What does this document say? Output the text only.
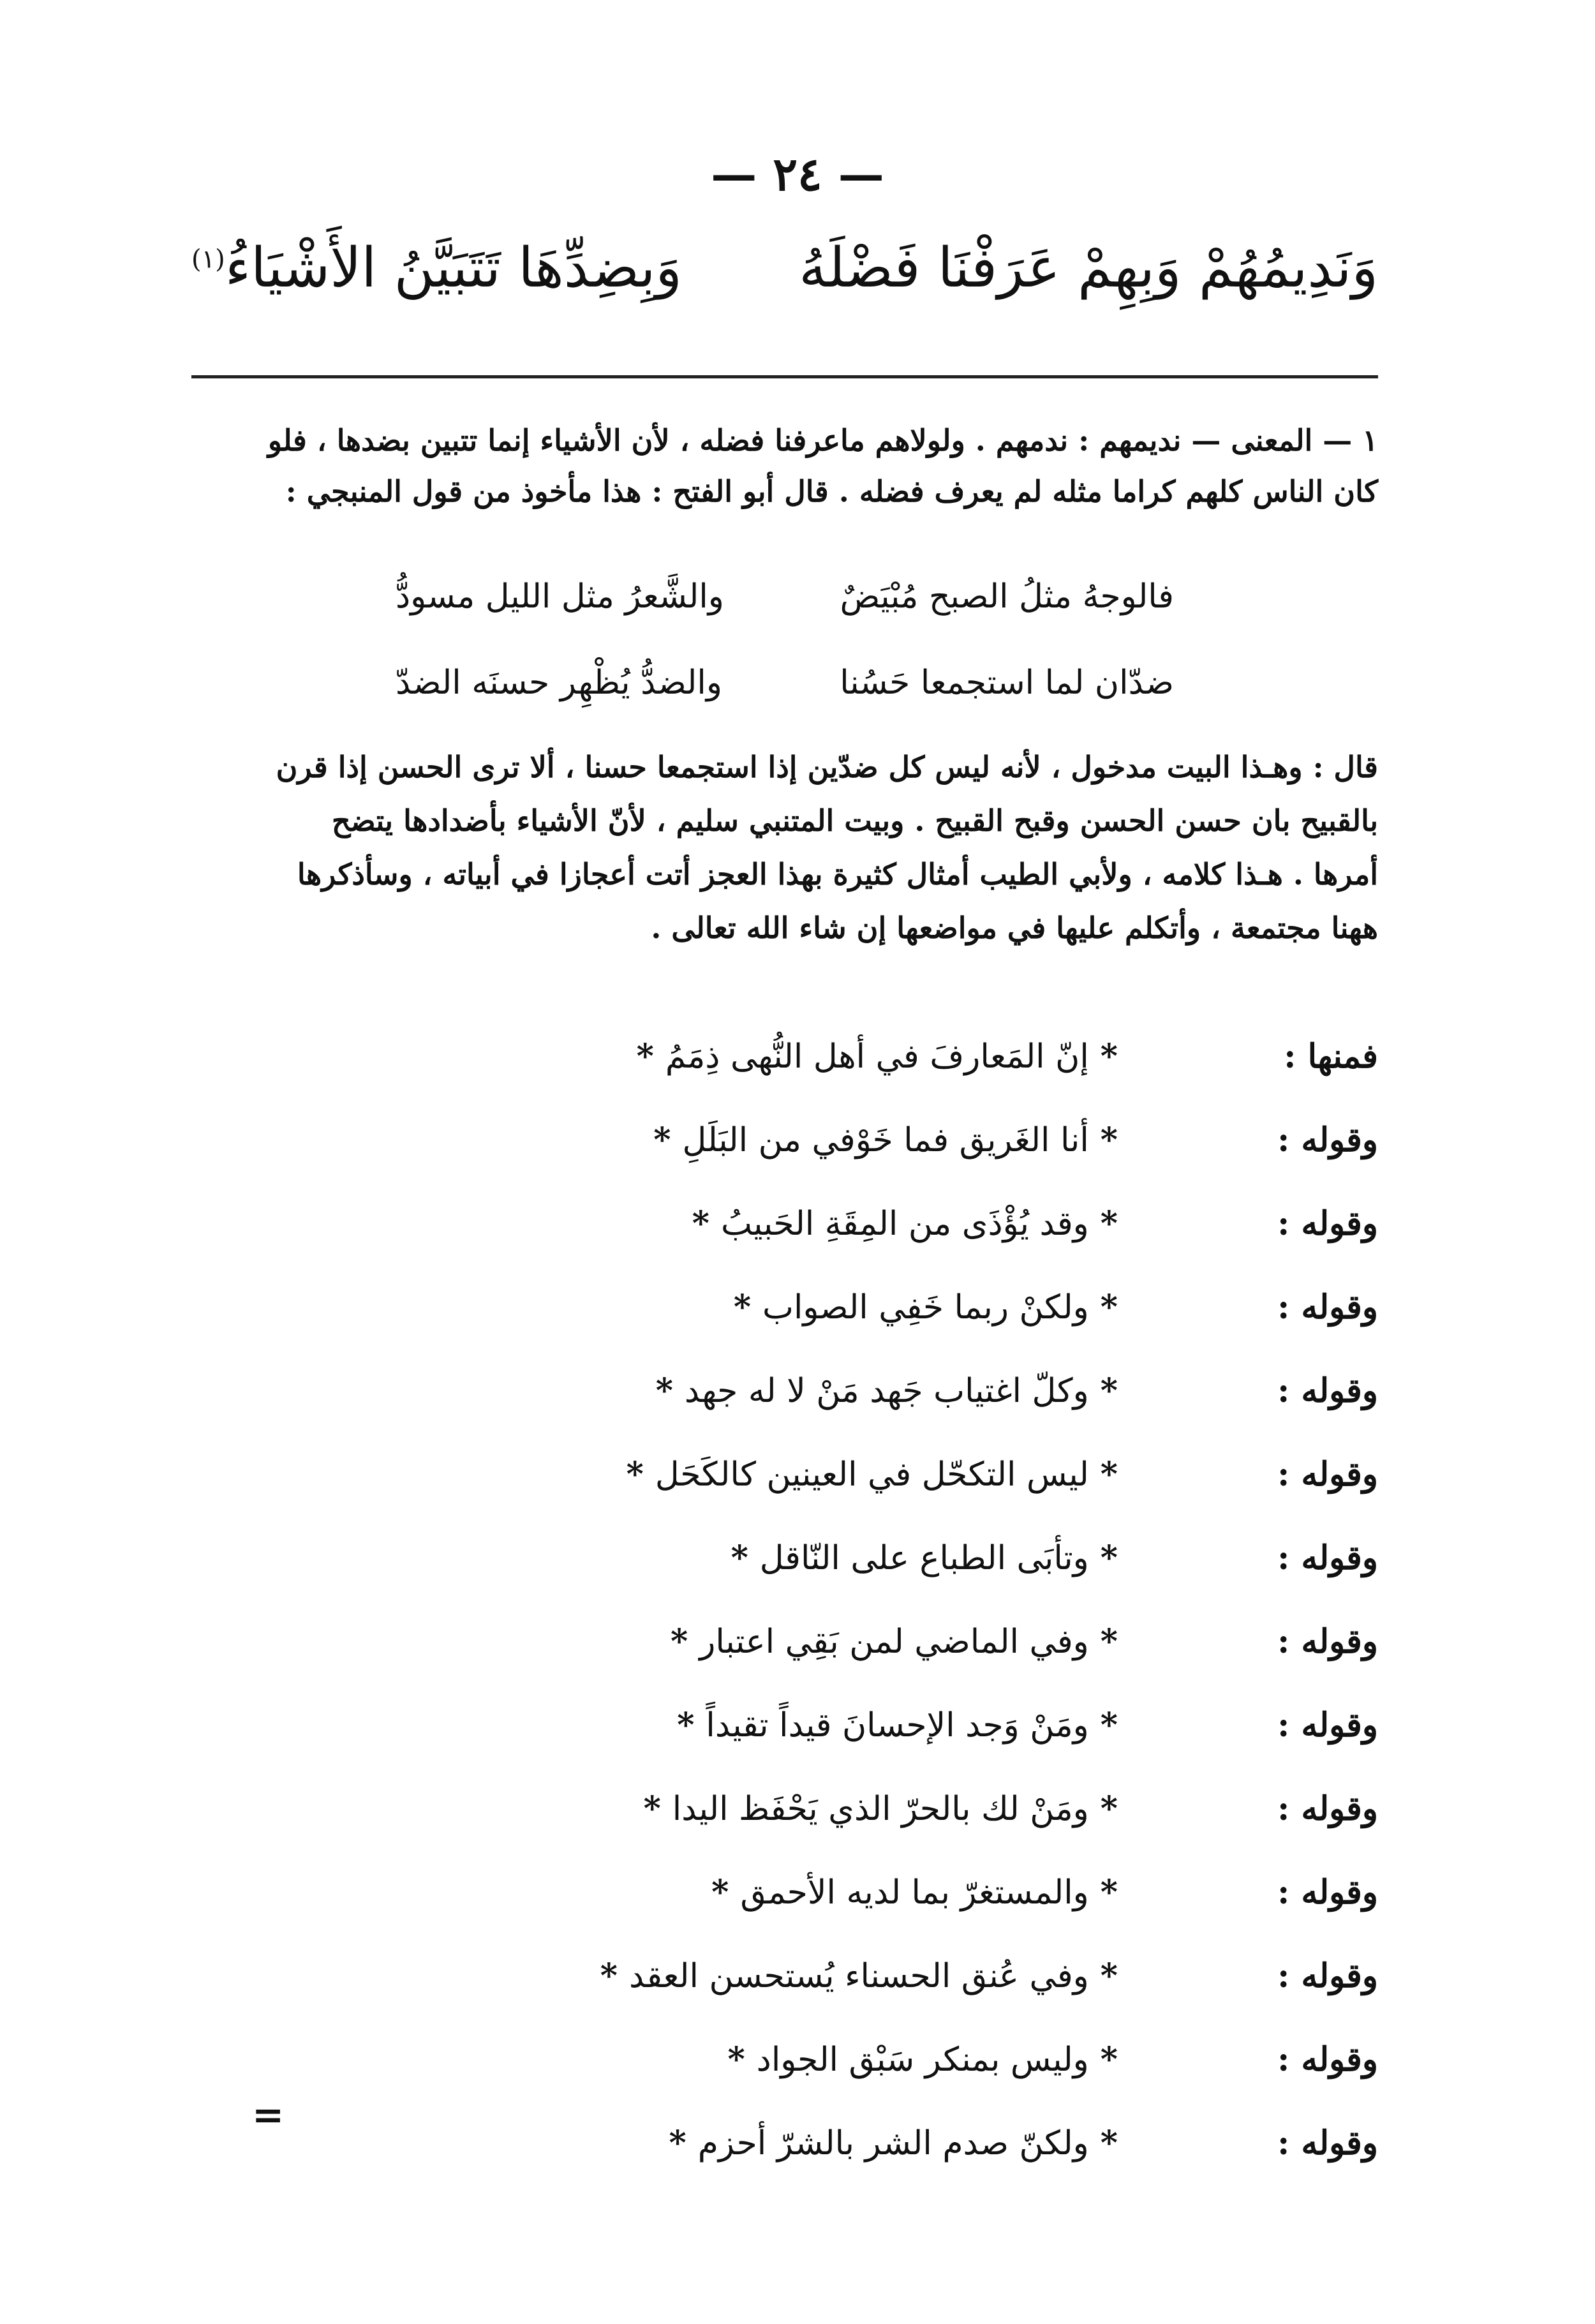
— ٢٤ —
وَنَدِيمُهُمْ وَبِهِمْ عَرَفْنَا فَضْلَهُ
وَبِضِدِّهَا تَتَبَيَّنُ الأَشْيَاءُ$^{(١)}$

١ — المعنى — نديمهم : ندمهم . ولولاهم ماعرفنا فضله ، لأن الأشياء إنما تتبين بضدها ، فلو

كان الناس كلهم كراما مثله لم يعرف فضله . قال أبو الفتح : هذا مأخوذ من قول المنبجي :

فالوجهُ مثلُ الصبح مُبْيَضٌ
والشَّعرُ مثل الليل مسودُّ
ضدّان لما استجمعا حَسُنا
والضدُّ يُظْهِر حسنَه الضدّ

قال : وهـذا البيت مدخول ، لأنه ليس كل ضدّين إذا استجمعا حسنا ، ألا ترى الحسن إذا قرن

بالقبيح بان حسن الحسن وقبح القبيح . وبيت المتنبي سليم ، لأنّ الأشياء بأضدادها يتضح

أمرها . هـذا كلامه ، ولأبي الطيب أمثال كثيرة بهذا العجز أتت أعجازا في أبياته ، وسأذكرها

ههنا مجتمعة ، وأتكلم عليها في مواضعها إن شاء الله تعالى .

فمنها :
*إنّ المَعارفَ في أهل النُّهى ذِمَمُ*
وقوله :
*أنا الغَريق فما خَوْفي من البَلَلِ*
وقوله :
*وقد يُؤْذَى من المِقَةِ الحَبيبُ*
وقوله :
*ولكنْ ربما خَفِي الصواب*
وقوله :
*وكلّ اغتياب جَهد مَنْ لا له جهد*
وقوله :
*ليس التكحّل في العينين كالكَحَل*
وقوله :
*وتأبَى الطباع على النّاقل*
وقوله :
*وفي الماضي لمن بَقِي اعتبار*
وقوله :
*ومَنْ وَجد الإحسانَ قيداً تقيداً*
وقوله :
*ومَنْ لك بالحرّ الذي يَحْفَظ اليدا*
وقوله :
*والمستغرّ بما لديه الأحمق*
وقوله :
*وفي عُنق الحسناء يُستحسن العقد*
وقوله :
*وليس بمنكر سَبْق الجواد*
وقوله :
*ولكنّ صدم الشر بالشرّ أحزم*
=
